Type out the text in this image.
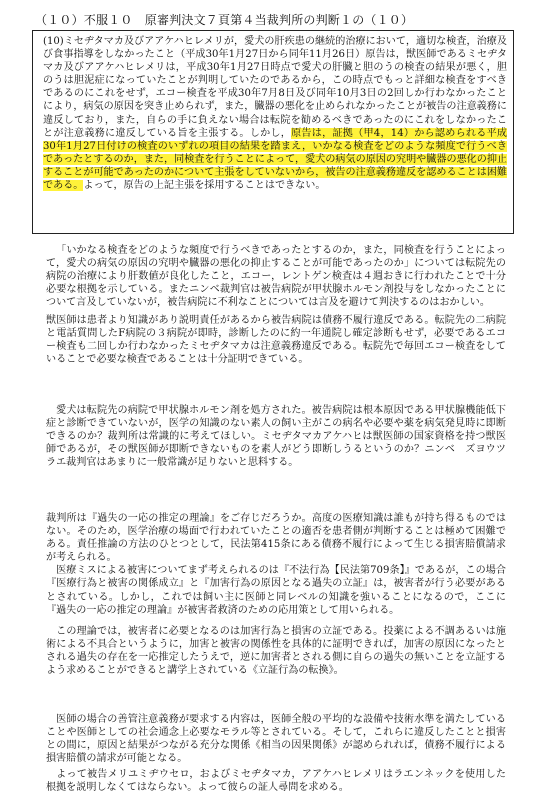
（１０）不服１０　原審判決文７頁第４当裁判所の判断１の（１０）

(10)ミセヂタマカ及びアアケハヒレメリが，愛犬の肝疾患の継続的治療において，適切な検査，治療及び食事指導をしなかったこと（平成30年1月27日から同年11月26日）原告は，獣医師であるミセヂタマカ及びアアケハヒレメリは，平成30年1月27日時点で愛犬の肝臓と胆のうの検査の結果が悪く，胆のうは胆泥症になっていたことが判明していたのであるから，この時点でもっと詳細な検査をすべきであるのにこれをせず，エコー検査を平成30年7月8日及び同年10月3日の2回しか行わなかったことにより，病気の原因を突き止められず，また，臓器の悪化を止められなかったことが被告の注意義務に違反しており，また，自らの手に負えない場合は転院を勧めるべきであったのにこれをしなかったことが注意義務に違反している旨を主張する。しかし，原告は，証拠（甲4，14）から認められる平成30年1月27日付けの検査のいずれの項目の結果を踏まえ，いかなる検査をどのような頻度で行うべきであったとするのか，また，同検査を行うことによって，愛犬の病気の原因の究明や臓器の悪化の抑止することが可能であったのかについて主張をしていないから，被告の注意義務違反を認めることは困難である。よって，原告の上記主張を採用することはできない。

「いかなる検査をどのような頻度で行うべきであったとするのか，また，同検査を行うことによって，愛犬の病気の原因の究明や臓器の悪化の抑止することが可能であったのか」については転院先の病院の治療により肝数値が良化したこと，エコー，レントゲン検査は４週おきに行われたことで十分必要な根拠を示している。またニンベ裁判官は被告病院が甲状腺ホルモン剤投与をしなかったことについて言及していないが，被告病院に不利なことについては言及を避けて判決するのはおかしい。

獣医師は患者より知識があり説明責任があるから被告病院は債務不履行違反である。転院先の二病院と電話質問したF病院の３病院が即時，診断したのに約一年通院し確定診断もせず，必要であるエコー検査も二回しか行わなかったミセヂタマカは注意義務違反である。転院先で毎回エコー検査をしていることで必要な検査であることは十分証明できている。

愛犬は転院先の病院で甲状腺ホルモン剤を処方された。被告病院は根本原因である甲状腺機能低下症と診断できていないが，医学の知識のない素人の飼い主がこの病名や必要や薬を病気発見時に即断できるのか？裁判所は常識的に考えてほしい。ミセヂタマカアケハヒは獣医師の国家資格を持つ獣医師であるが，その獣医師が即断できないものを素人がどう即断しうるというのか？ニンベ　ズヨウツラエ裁判官はあまりに一般常識が足りないと思料する。

裁判所は『過失の一応の推定の理論』をご存じだろうか。高度の医療知識は誰もが持ち得るものではない。そのため，医学治療の場面で行われていたことの適否を患者側が判断することは極めて困難である。責任推論の方法のひとつとして，民法第415条にある債務不履行によって生じる損害賠償請求が考えられる。

医療ミスによる被害についてまず考えられるのは『不法行為【民法第709条】』であるが，この場合『医療行為と被害の関係成立』と『加害行為の原因となる過失の立証』は，被害者が行う必要があるとされている。しかし，これでは飼い主に医師と同レベルの知識を強いることになるので，ここに『過失の一応の推定の理論』が被害者救済のための応用策として用いられる。

この理論では，被害者に必要となるのは加害行為と損害の立証である。投薬による不調あるいは施術による不具合というように，加害と被害の関係性を具体的に証明できれば，加害の原因になったとされる過失の存在を一応推定したうえで，逆に加害者とされる側に自らの過失の無いことを立証するよう求めることができると講学上されている《立証行為の転換》。

医師の場合の善管注意義務が要求する内容は，医師全般の平均的な設備や技術水準を満たしていることや医師としての社会通念上必要なモラル等とされている。そして，これらに違反したことと損害との間に，原因と結果がつながる充分な関係《相当の因果関係》が認められれば，債務不履行による損害賠償の請求が可能となる。

よって被告メリユミヂウセロ，およびミセヂタマカ，アアケハヒレメリはラエンネックを使用した根拠を説明しなくてはならない。よって彼らの証人尋問を求める。
